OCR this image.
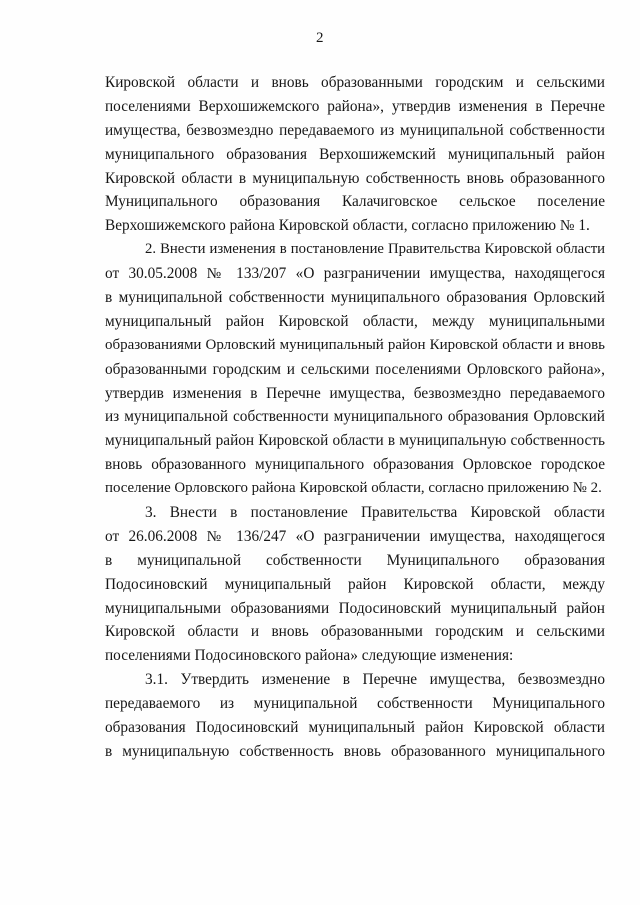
2

Кировской области и вновь образованными городским и сельскими
поселениями Верхошижемского района», утвердив изменения в Перечне
имущества, безвозмездно передаваемого из муниципальной собственности
муниципального образования Верхошижемский муниципальный район
Кировской области в муниципальную собственность вновь образованного
Муниципального образования Калачиговское сельское поселение
Верхошижемского района Кировской области, согласно приложению № 1.

2. Внести изменения в постановление Правительства Кировской области
от 30.05.2008 № 133/207 «О разграничении имущества, находящегося
в муниципальной собственности муниципального образования Орловский
муниципальный район Кировской области, между муниципальными
образованиями Орловский муниципальный район Кировской области и вновь
образованными городским и сельскими поселениями Орловского района»,
утвердив изменения в Перечне имущества, безвозмездно передаваемого
из муниципальной собственности муниципального образования Орловский
муниципальный район Кировской области в муниципальную собственность
вновь образованного муниципального образования Орловское городское
поселение Орловского района Кировской области, согласно приложению № 2.

3. Внести в постановление Правительства Кировской области
от 26.06.2008 № 136/247 «О разграничении имущества, находящегося
в муниципальной собственности Муниципального образования
Подосиновский муниципальный район Кировской области, между
муниципальными образованиями Подосиновский муниципальный район
Кировской области и вновь образованными городским и сельскими
поселениями Подосиновского района» следующие изменения:

3.1. Утвердить изменение в Перечне имущества, безвозмездно
передаваемого из муниципальной собственности Муниципального
образования Подосиновский муниципальный район Кировской области
в муниципальную собственность вновь образованного муниципального
